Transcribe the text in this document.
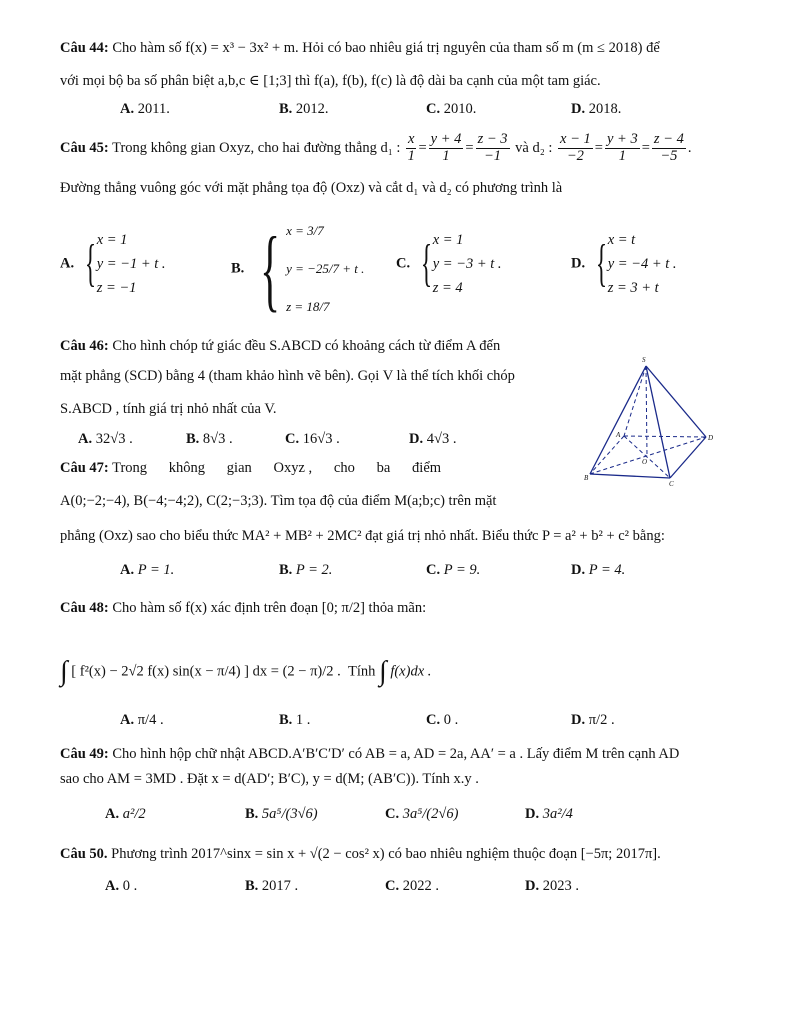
Câu 44: Cho hàm số f(x) = x³ − 3x² + m. Hỏi có bao nhiêu giá trị nguyên của tham số m (m ≤ 2018) để
với mọi bộ ba số phân biệt a,b,c ∈ [1;3] thì f(a), f(b), f(c) là độ dài ba cạnh của một tam giác.
A. 2011.	B. 2012.	C. 2010.	D. 2018.
Câu 45: Trong không gian Oxyz, cho hai đường thẳng d₁ : $\frac{x}{1} = \frac{y + 4}{1} = \frac{z - 3}{-1}$ và d₂ : $\frac{x - 1}{-2} = \frac{y + 3}{1} = \frac{z - 4}{-5}$ .
Đường thẳng vuông góc với mặt phẳng tọa độ (Oxz) và cắt d₁ và d₂ có phương trình là
A. { x = 1
y = −1 + t .
z = −1
B. { x = 3/7
y = −25/7 + t .
z = 18/7
C. { x = 1
y = −3 + t .
z = 4
D. { x = t
y = −4 + t .
z = 3 + t
Câu 46: Cho hình chóp tứ giác đều S.ABCD có khoảng cách từ điểm A đến
mặt phẳng (SCD) bằng 4 (tham khảo hình vẽ bên). Gọi V là thể tích khối chóp
S.ABCD , tính giá trị nhỏ nhất của V.
A. 32√3 .	B. 8√3 .	C. 16√3 .	D. 4√3 .
S
A	D
O
B
C
Câu 47: Trong      không      gian      Oxyz ,      cho      ba      điểm
A(0;−2;−4), B(−4;−4;2), C(2;−3;3). Tìm tọa độ của điểm M(a;b;c) trên mặt
phẳng (Oxz) sao cho biểu thức MA² + MB² + 2MC² đạt giá trị nhỏ nhất. Biểu thức P = a² + b² + c² bằng:
A. P = 1.	B. P = 2.	C. P = 9.	D. P = 4.
Câu 48: Cho hàm số f(x) xác định trên đoạn [0; π/2] thỏa mãn:
∫ [ f²(x) − 2√2 f(x) sin(x − π/4) ] dx = (2 − π)/2 . Tính ∫ f(x)dx .
A. π/4 .	B. 1 .	C. 0 .	D. π/2 .
Câu 49: Cho hình hộp chữ nhật ABCD.A′B′C′D′ có AB = a, AD = 2a, AA′ = a . Lấy điểm M trên cạnh AD
sao cho AM = 3MD . Đặt x = d(AD′; B′C), y = d(M; (AB′C)). Tính x.y .
A. a²/2	B. 5a⁵/(3√6)	C. 3a⁵/(2√6)	D. 3a²/4
Câu 50. Phương trình 2017^sinx = sin x + √(2 − cos² x) có bao nhiêu nghiệm thuộc đoạn [−5π; 2017π].
A. 0 .	B. 2017 .	C. 2022 .	D. 2023 .
